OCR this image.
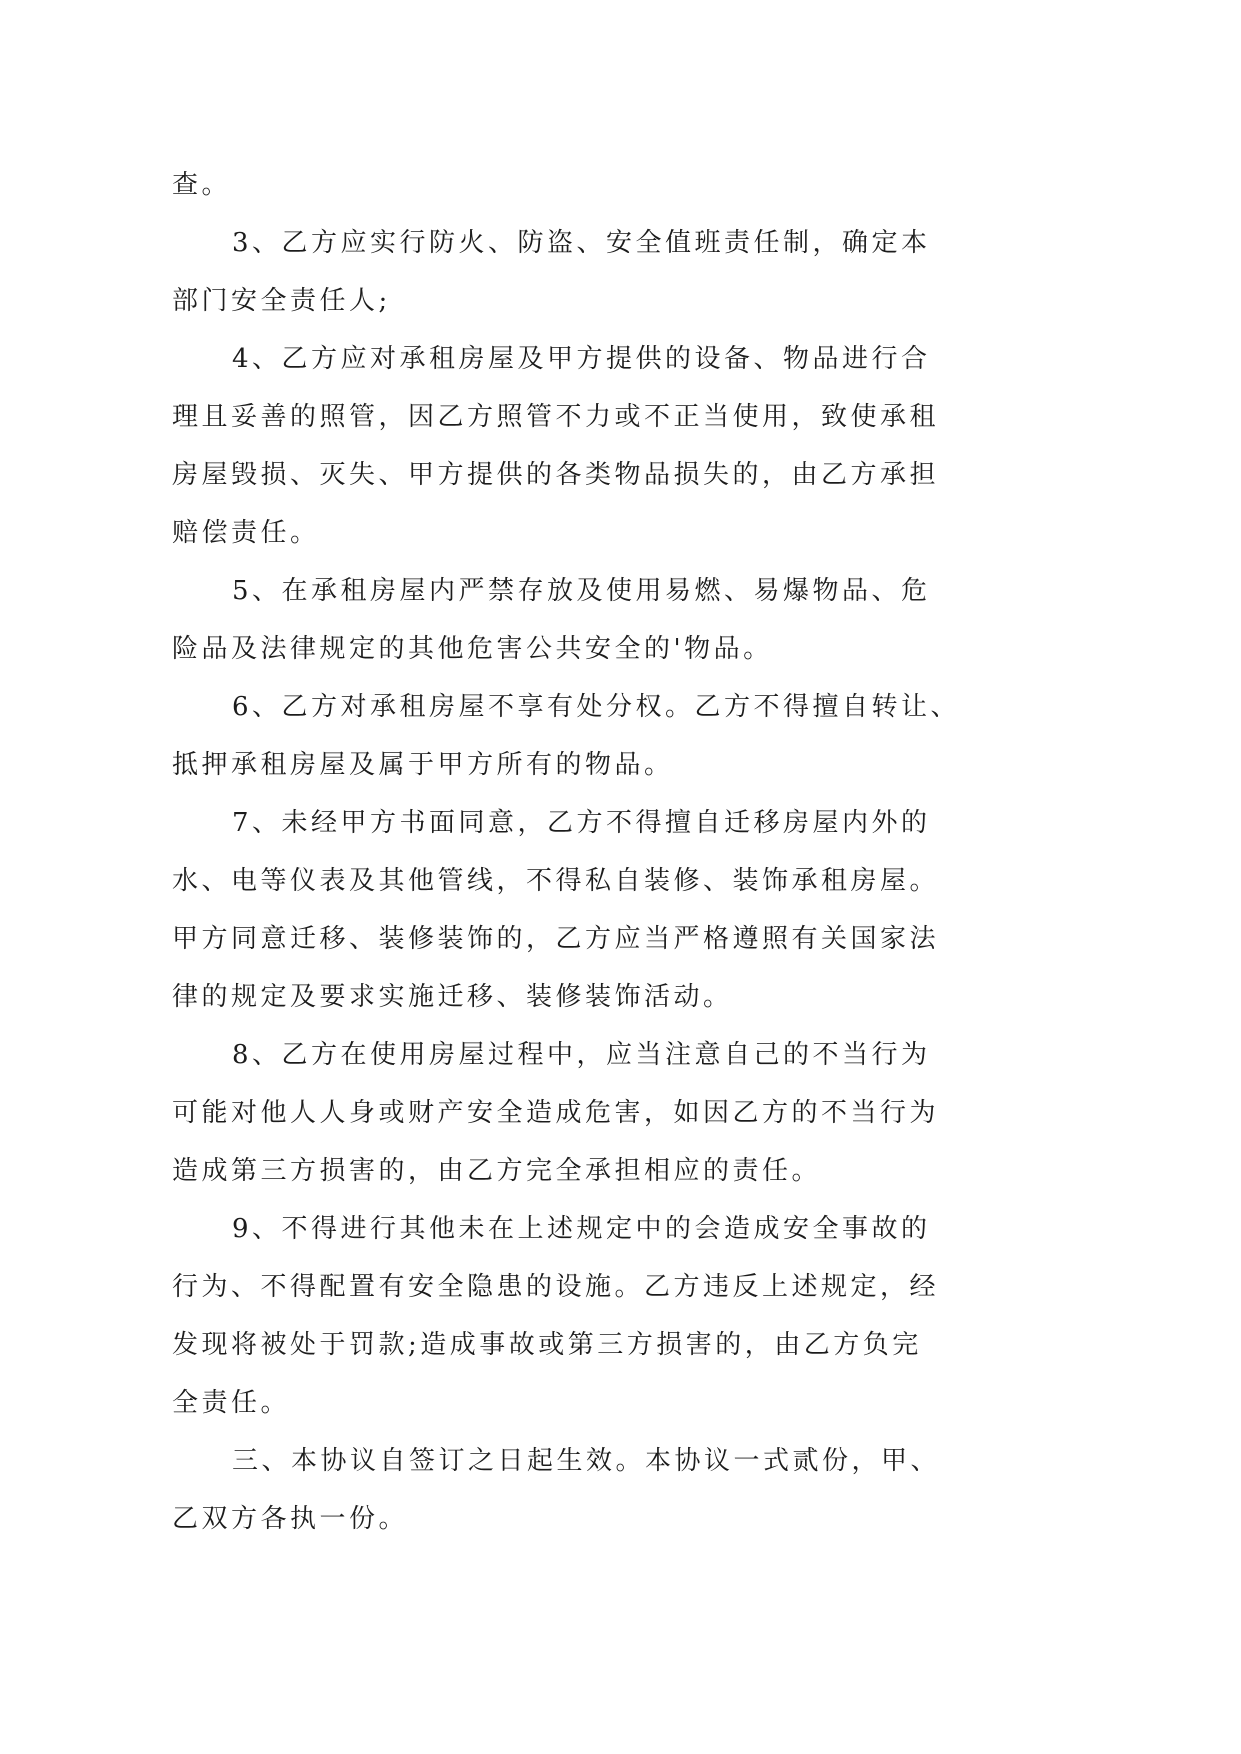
查。
3、乙方应实行防火、防盗、安全值班责任制，确定本
部门安全责任人;
4、乙方应对承租房屋及甲方提供的设备、物品进行合
理且妥善的照管，因乙方照管不力或不正当使用，致使承租
房屋毁损、灭失、甲方提供的各类物品损失的，由乙方承担
赔偿责任。
5、在承租房屋内严禁存放及使用易燃、易爆物品、危
险品及法律规定的其他危害公共安全的'物品。
6、乙方对承租房屋不享有处分权。乙方不得擅自转让、
抵押承租房屋及属于甲方所有的物品。
7、未经甲方书面同意，乙方不得擅自迁移房屋内外的
水、电等仪表及其他管线，不得私自装修、装饰承租房屋。
甲方同意迁移、装修装饰的，乙方应当严格遵照有关国家法
律的规定及要求实施迁移、装修装饰活动。
8、乙方在使用房屋过程中，应当注意自己的不当行为
可能对他人人身或财产安全造成危害，如因乙方的不当行为
造成第三方损害的，由乙方完全承担相应的责任。
9、不得进行其他未在上述规定中的会造成安全事故的
行为、不得配置有安全隐患的设施。乙方违反上述规定，经
发现将被处于罚款;造成事故或第三方损害的，由乙方负完
全责任。
三、本协议自签订之日起生效。本协议一式贰份，甲、
乙双方各执一份。
